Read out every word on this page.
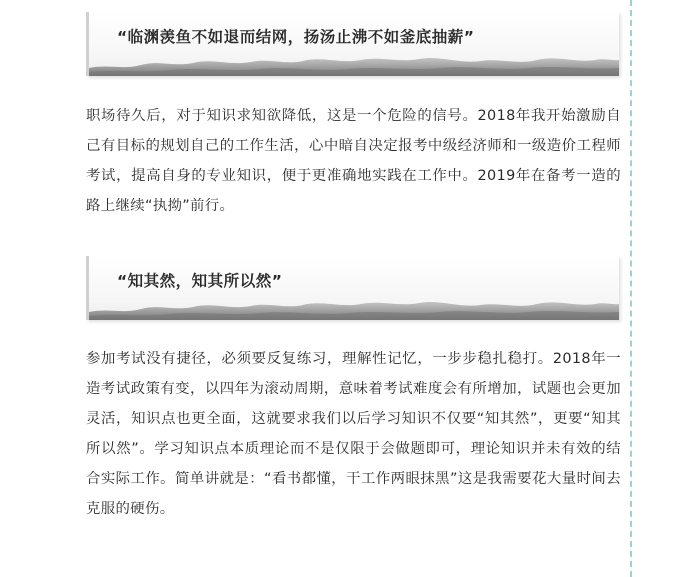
“临渊羡鱼不如退而结网，扬汤止沸不如釜底抽薪”

职场待久后，对于知识求知欲降低，这是一个危险的信号。2018年我开始激励自己有目标的规划自己的工作生活，心中暗自决定报考中级经济师和一级造价工程师考试，提高自身的专业知识，便于更准确地实践在工作中。2019年在备考一造的路上继续“执拗”前行。

“知其然，知其所以然”

参加考试没有捷径，必须要反复练习，理解性记忆，一步步稳扎稳打。2018年一造考试政策有变，以四年为滚动周期，意味着考试难度会有所增加，试题也会更加灵活，知识点也更全面，这就要求我们以后学习知识不仅要“知其然”，更要“知其所以然”。学习知识点本质理论而不是仅限于会做题即可，理论知识并未有效的结合实际工作。简单讲就是：“看书都懂，干工作两眼抹黑”这是我需要花大量时间去克服的硬伤。
